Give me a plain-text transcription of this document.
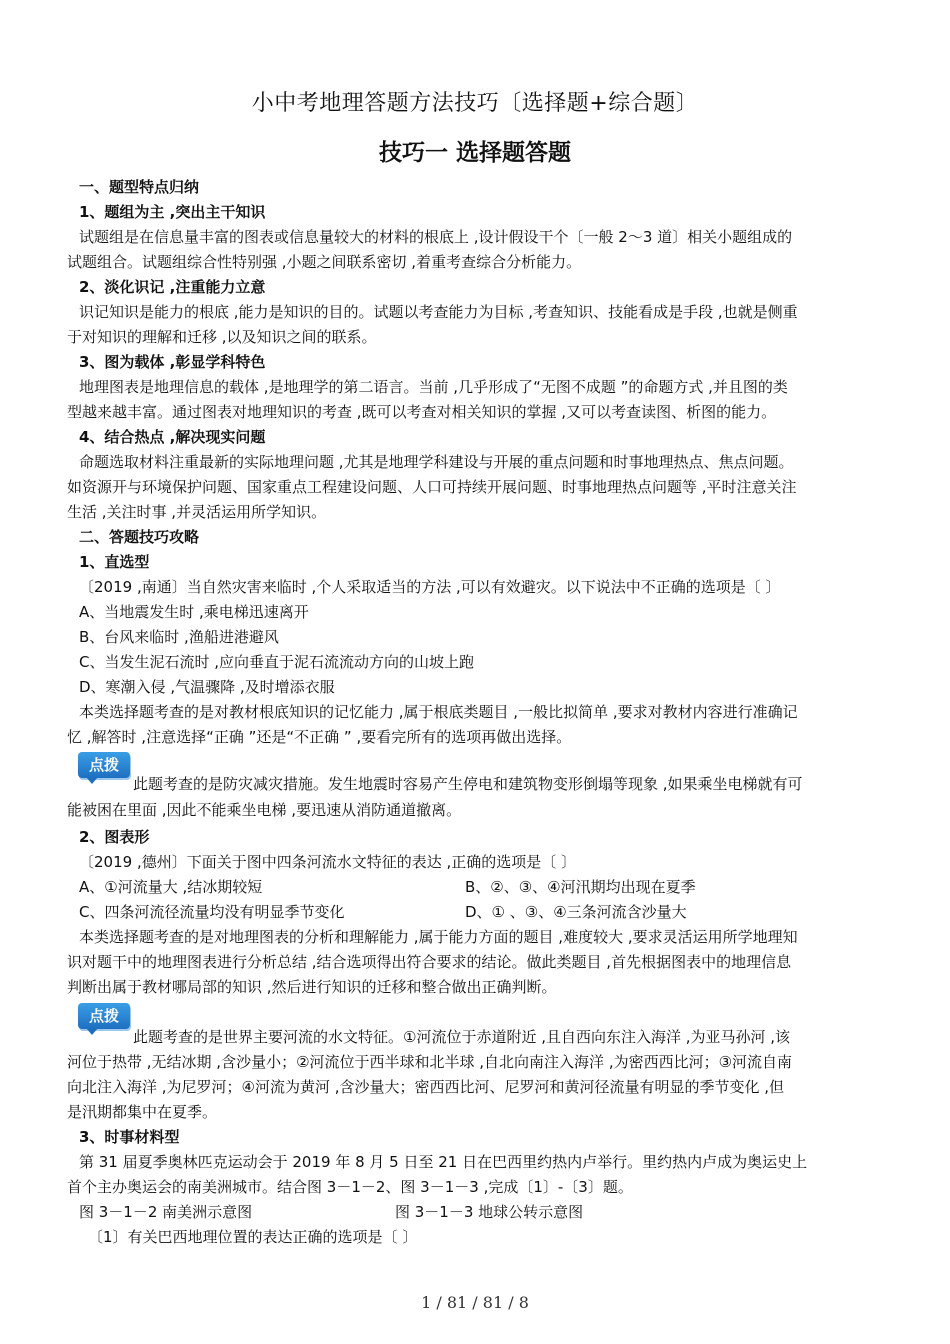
小中考地理答题方法技巧〔选择题+综合题〕
技巧一 选择题答题
一、题型特点归纳
1、题组为主 ,突出主干知识
试题组是在信息量丰富的图表或信息量较大的材料的根底上 ,设计假设干个〔一般 2～3 道〕相关小题组成的
试题组合。试题组综合性特别强 ,小题之间联系密切 ,着重考查综合分析能力。
2、淡化识记 ,注重能力立意
识记知识是能力的根底 ,能力是知识的目的。试题以考查能力为目标 ,考查知识、技能看成是手段 ,也就是侧重
于对知识的理解和迁移 ,以及知识之间的联系。
3、图为载体 ,彰显学科特色
地理图表是地理信息的载体 ,是地理学的第二语言。当前 ,几乎形成了“无图不成题 ”的命题方式 ,并且图的类
型越来越丰富。通过图表对地理知识的考查 ,既可以考查对相关知识的掌握 ,又可以考查读图、析图的能力。
4、结合热点 ,解决现实问题
命题选取材料注重最新的实际地理问题 ,尤其是地理学科建设与开展的重点问题和时事地理热点、焦点问题。
如资源开与环境保护问题、国家重点工程建设问题、人口可持续开展问题、时事地理热点问题等 ,平时注意关注
生活 ,关注时事 ,并灵活运用所学知识。
二、答题技巧攻略
1、直选型
〔2019 ,南通〕当自然灾害来临时 ,个人采取适当的方法 ,可以有效避灾。以下说法中不正确的选项是〔 〕
A、当地震发生时 ,乘电梯迅速离开
B、台风来临时 ,渔船进港避风
C、当发生泥石流时 ,应向垂直于泥石流流动方向的山坡上跑
D、寒潮入侵 ,气温骤降 ,及时增添衣服
本类选择题考查的是对教材根底知识的记忆能力 ,属于根底类题目 ,一般比拟简单 ,要求对教材内容进行准确记
忆 ,解答时 ,注意选择“正确 ”还是“不正确 ” ,要看完所有的选项再做出选择。
点拨
此题考查的是防灾减灾措施。发生地震时容易产生停电和建筑物变形倒塌等现象 ,如果乘坐电梯就有可
能被困在里面 ,因此不能乘坐电梯 ,要迅速从消防通道撤离。
2、图表形
〔2019 ,德州〕下面关于图中四条河流水文特征的表达 ,正确的选项是〔 〕
A、①河流量大 ,结冰期较短	B、②、③、④河汛期均出现在夏季
C、四条河流径流量均没有明显季节变化	D、① 、③、④三条河流含沙量大
本类选择题考查的是对地理图表的分析和理解能力 ,属于能力方面的题目 ,难度较大 ,要求灵活运用所学地理知
识对题干中的地理图表进行分析总结 ,结合选项得出符合要求的结论。做此类题目 ,首先根据图表中的地理信息
判断出属于教材哪局部的知识 ,然后进行知识的迁移和整合做出正确判断。
点拨
此题考查的是世界主要河流的水文特征。①河流位于赤道附近 ,且自西向东注入海洋 ,为亚马孙河 ,该
河位于热带 ,无结冰期 ,含沙量小；②河流位于西半球和北半球 ,自北向南注入海洋 ,为密西西比河；③河流自南
向北注入海洋 ,为尼罗河；④河流为黄河 ,含沙量大；密西西比河、尼罗河和黄河径流量有明显的季节变化 ,但
是汛期都集中在夏季。
3、时事材料型
第 31 届夏季奥林匹克运动会于 2019 年 8 月 5 日至 21 日在巴西里约热内卢举行。里约热内卢成为奥运史上
首个主办奥运会的南美洲城市。结合图 3－1－2、图 3－1－3 ,完成〔1〕-〔3〕题。
图 3－1－2 南美洲示意图	图 3－1－3 地球公转示意图
〔1〕有关巴西地理位置的表达正确的选项是〔 〕
1 / 81 / 81 / 8
